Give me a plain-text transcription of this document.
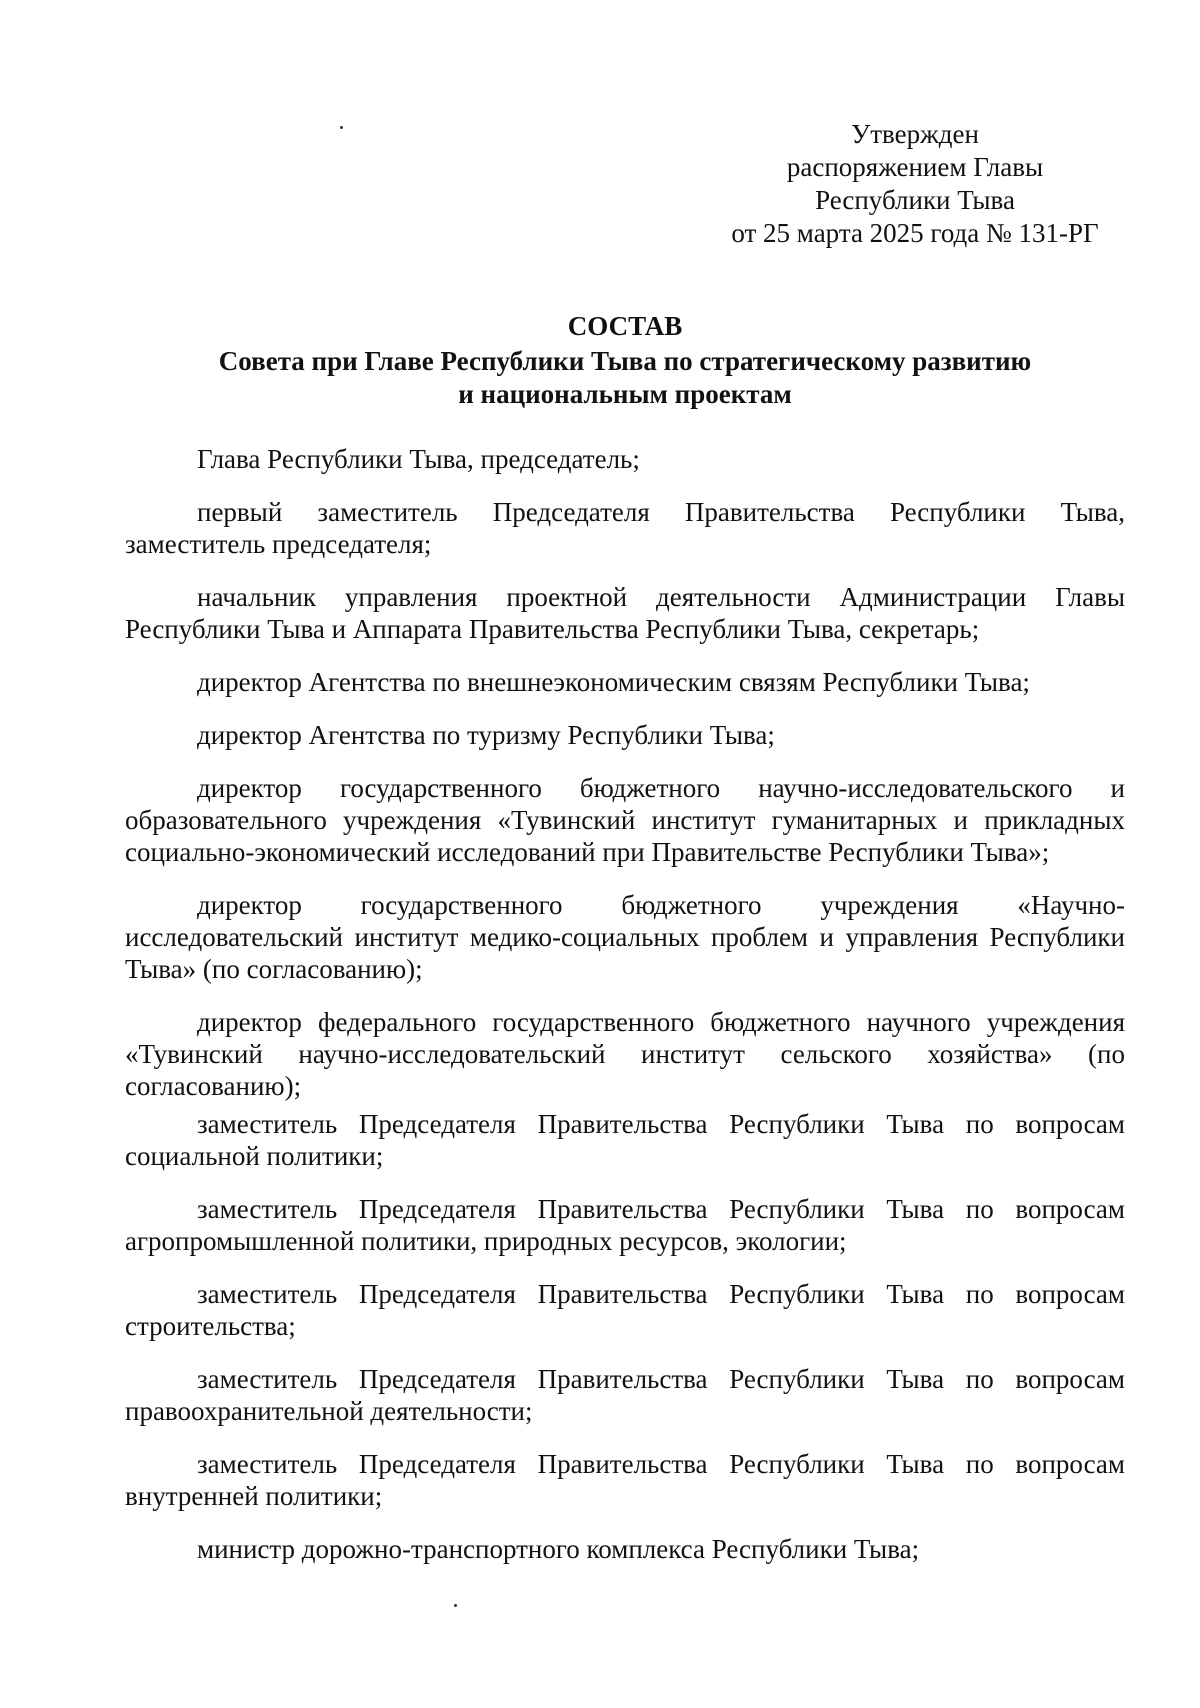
Утвержден
распоряжением Главы
Республики Тыва
от 25 марта 2025 года № 131-РГ
СОСТАВ
Совета при Главе Республики Тыва по стратегическому развитию
и национальным проектам

Глава Республики Тыва, председатель;

первый заместитель Председателя Правительства Республики Тыва, заместитель председателя;

начальник управления проектной деятельности Администрации Главы Республики Тыва и Аппарата Правительства Республики Тыва, секретарь;

директор Агентства по внешнеэкономическим связям Республики Тыва;

директор Агентства по туризму Республики Тыва;

директор государственного бюджетного научно-исследовательского и образовательного учреждения «Тувинский институт гуманитарных и прикладных социально-экономический исследований при Правительстве Республики Тыва»;

директор государственного бюджетного учреждения «Научно-исследовательский институт медико-социальных проблем и управления Республики Тыва» (по согласованию);

директор федерального государственного бюджетного научного учреждения «Тувинский научно-исследовательский институт сельского хозяйства» (по согласованию);

заместитель Председателя Правительства Республики Тыва по вопросам социальной политики;

заместитель Председателя Правительства Республики Тыва по вопросам агропромышленной политики, природных ресурсов, экологии;

заместитель Председателя Правительства Республики Тыва по вопросам строительства;

заместитель Председателя Правительства Республики Тыва по вопросам правоохранительной деятельности;

заместитель Председателя Правительства Республики Тыва по вопросам внутренней политики;

министр дорожно-транспортного комплекса Республики Тыва;
